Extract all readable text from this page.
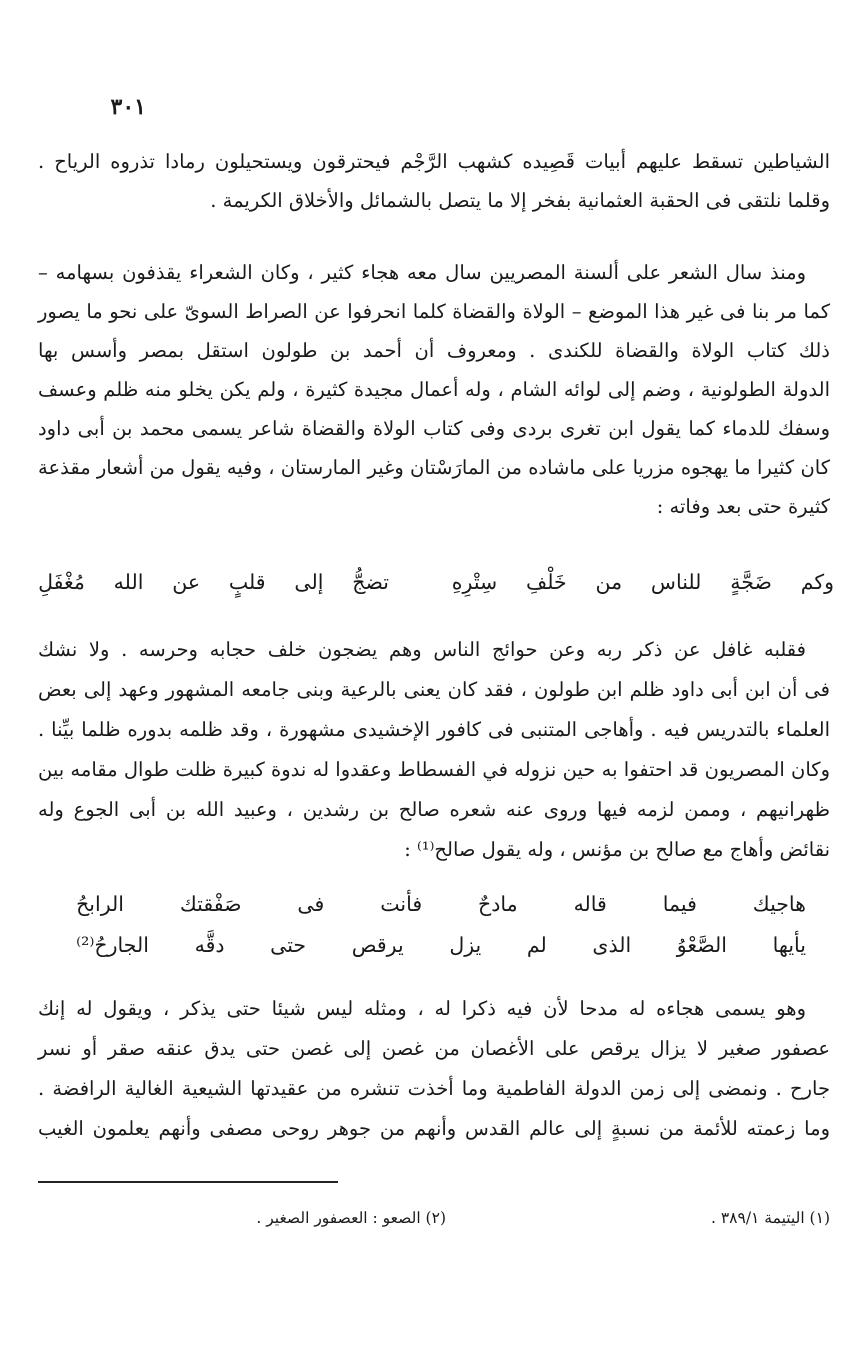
٣٠١
الشياطين تسقط عليهم أبيات قَصِيده كشهب الرَّجْم فيحترقون ويستحيلون رمادا تذروه الرياح .
وقلما نلتقى فى الحقبة العثمانية بفخر إلا ما يتصل بالشمائل والأخلاق الكريمة .
ومنذ سال الشعر على ألسنة المصريين سال معه هجاء كثير ، وكان الشعراء يقذفون بسهامه –
كما مر بنا فى غير هذا الموضع – الولاة والقضاة كلما انحرفوا عن الصراط السوىّ على نحو ما يصور
ذلك كتاب الولاة والقضاة للكندى . ومعروف أن أحمد بن طولون استقل بمصر وأسس بها
الدولة الطولونية ، وضم إلى لوائه الشام ، وله أعمال مجيدة كثيرة ، ولم يكن يخلو منه ظلم وعسف
وسفك للدماء كما يقول ابن تغرى بردى وفى كتاب الولاة والقضاة شاعر يسمى محمد بن أبى داود
كان كثيرا ما يهجوه مزريا على ماشاده من المارَسْتان وغير المارستان ، وفيه يقول من أشعار مقذعة
كثيرة حتى بعد وفاته :
وكم
ضَجَّةٍ
للناس
من
خَلْفِ
سِتْرِهِ
تضجُّ
إلى
قلبٍ
عن
الله
مُغْفَلِ
فقلبه غافل عن ذكر ربه وعن حوائج الناس وهم يضجون خلف حجابه وحرسه . ولا نشك
فى أن ابن أبى داود ظلم ابن طولون ، فقد كان يعنى بالرعية وبنى جامعه المشهور وعهد إلى بعض
العلماء بالتدريس فيه . وأهاجى المتنبى فى كافور الإخشيدى مشهورة ، وقد ظلمه بدوره ظلما بيِّنا .
وكان المصريون قد احتفوا به حين نزوله في الفسطاط وعقدوا له ندوة كبيرة ظلت طوال مقامه بين
ظهرانيهم ، وممن لزمه فيها وروى عنه شعره صالح بن رشدين ، وعبيد الله بن أبى الجوع وله
نقائض وأهاج مع صالح بن مؤنس ، وله يقول صالح⁽¹⁾ :
هاجيك
فيما
قاله
مادحٌ
فأنت
فى
صَفْقتك
الرابحُ
يأيها
الصَّعْوُ
الذى
لم
يزل
يرقص
حتى
دقَّه
الجارحُ⁽²⁾
وهو يسمى هجاءه له مدحا لأن فيه ذكرا له ، ومثله ليس شيئا حتى يذكر ، ويقول له إنك
عصفور صغير لا يزال يرقص على الأغصان من غصن إلى غصن حتى يدق عنقه صقر أو نسر
جارح . ونمضى إلى زمن الدولة الفاطمية وما أخذت تنشره من عقيدتها الشيعية الغالية الرافضة .
وما زعمته للأئمة من نسبةٍ إلى عالم القدس وأنهم من جوهر روحى مصفى وأنهم يعلمون الغيب
(١) اليتيمة ٣٨٩/١ .
(٢) الصعو : العصفور الصغير .
